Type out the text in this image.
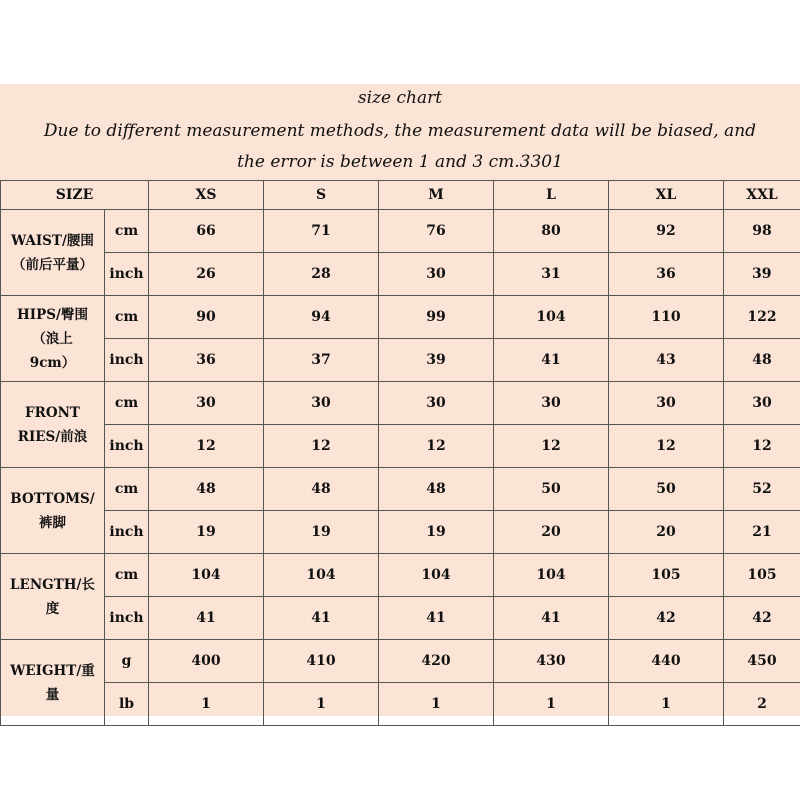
size chart
Due to different measurement methods, the measurement data will be biased, and
the error is between 1 and 3 cm.3301
SIZE		XS	S	M	L	XL	XXL
WAIST/腰围
（前后平量）	cm	66	71	76	80	92	98
	inch	26	28	30	31	36	39
HIPS/臀围
（浪上
9cm）	cm	90	94	99	104	110	122
	inch	36	37	39	41	43	48
FRONT
RIES/前浪	cm	30	30	30	30	30	30
	inch	12	12	12	12	12	12
BOTTOMS/
裤脚	cm	48	48	48	50	50	52
	inch	19	19	19	20	20	21
LENGTH/长
度	cm	104	104	104	104	105	105
	inch	41	41	41	41	42	42
WEIGHT/重
量	g	400	410	420	430	440	450
	lb	1	1	1	1	1	2
